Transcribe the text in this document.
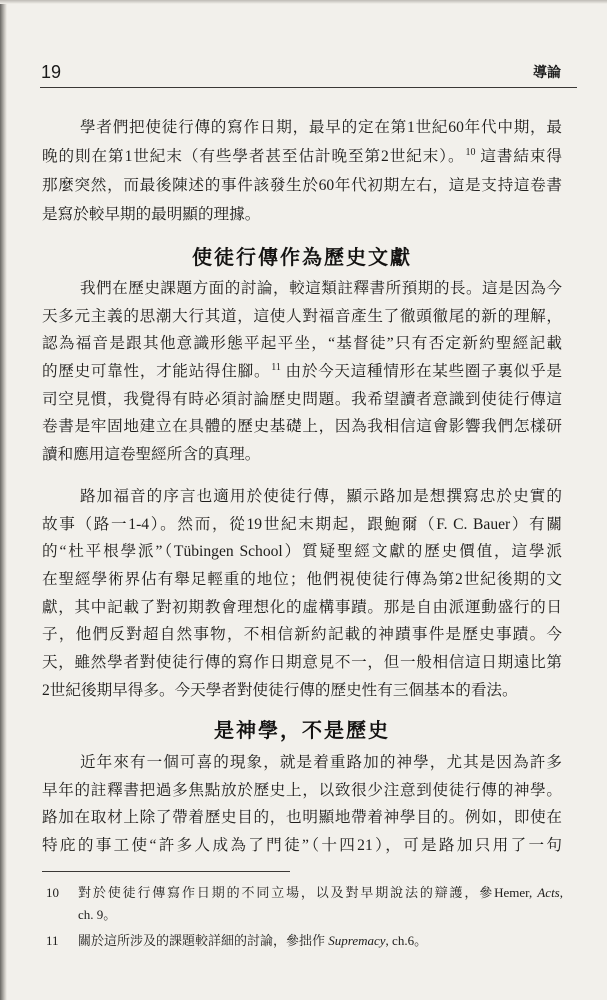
19	導論
學者們把使徒行傳的寫作日期，最早的定在第1世紀60年代中期，最
晚的則在第1世紀末（有些學者甚至估計晚至第2世紀末）。$^{10}$ 這書結束得
那麼突然，而最後陳述的事件該發生於60年代初期左右，這是支持這卷書
是寫於較早期的最明顯的理據。
使徒行傳作為歷史文獻
我們在歷史課題方面的討論，較這類註釋書所預期的長。這是因為今
天多元主義的思潮大行其道，這使人對福音產生了徹頭徹尾的新的理解，
認為福音是跟其他意識形態平起平坐，“基督徒”只有否定新約聖經記載
的歷史可靠性，才能站得住腳。$^{11}$ 由於今天這種情形在某些圈子裏似乎是
司空見慣，我覺得有時必須討論歷史問題。我希望讀者意識到使徒行傳這
卷書是牢固地建立在具體的歷史基礎上，因為我相信這會影響我們怎樣研
讀和應用這卷聖經所含的真理。
路加福音的序言也適用於使徒行傳，顯示路加是想撰寫忠於史實的
故事（路一1-4）。然而，從19世紀末期起，跟鮑爾（F. C. Bauer）有關
的“杜平根學派”（Tübingen School）質疑聖經文獻的歷史價值，這學派
在聖經學術界佔有舉足輕重的地位；他們視使徒行傳為第2世紀後期的文
獻，其中記載了對初期教會理想化的虛構事蹟。那是自由派運動盛行的日
子，他們反對超自然事物，不相信新約記載的神蹟事件是歷史事蹟。今
天，雖然學者對使徒行傳的寫作日期意見不一，但一般相信這日期遠比第
2世紀後期早得多。今天學者對使徒行傳的歷史性有三個基本的看法。
是神學，不是歷史
近年來有一個可喜的現象，就是着重路加的神學，尤其是因為許多
早年的註釋書把過多焦點放於歷史上，以致很少注意到使徒行傳的神學。
路加在取材上除了帶着歷史目的，也明顯地帶着神學目的。例如，即使在
特庇的事工使“許多人成為了門徒”（十四21），可是路加只用了一句
10 對於使徒行傳寫作日期的不同立場，以及對早期說法的辯護，參Hemer, Acts,
ch. 9。
11 關於這所涉及的課題較詳細的討論，參拙作 Supremacy, ch.6。
